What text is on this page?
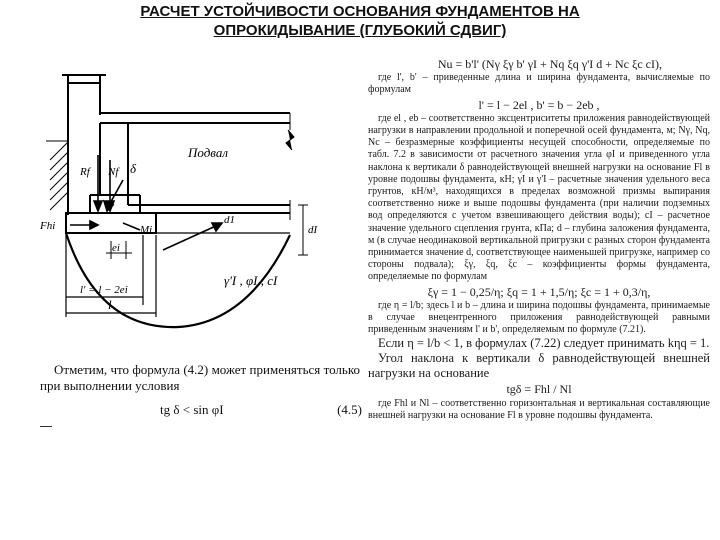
РАСЧЕТ УСТОЙЧИВОСТИ ОСНОВАНИЯ ФУНДАМЕНТОВ НА
ОПРОКИДЫВАНИЕ (ГЛУБОКИЙ СДВИГ)
Подвал
Rf Nf δ
Fhi	Mi
ei
dI
d1
γ'I , φI , cI
l' = l − 2ei
l

Отметим, что формула (4.2) может применяться только при выполнении условия

tg δ < sin φI	(4.5)
Nu = b'l' (Nγ ξγ b' γI + Nq ξq γ'I d + Nc ξc cI),

где l', b' – приведенные длина и ширина фундамента, вычисляемые по формулам

l' = l − 2el , b' = b − 2eb ,

где el , eb – соответственно эксцентриситеты приложения равнодействующей нагрузки в направлении продольной и поперечной осей фундамента, м; Nγ, Nq, Nc – безразмерные коэффициенты несущей способности, определяемые по табл. 7.2 в зависимости от расчетного значения угла φI и приведенного угла наклона к вертикали δ равнодействующей внешней нагрузки на основание Fl в уровне подошвы фундамента, кН; γI и γ'I – расчетные значения удельного веса грунтов, кН/м³, находящихся в пределах возможной призмы выпирания соответственно ниже и выше подошвы фундамента (при наличии подземных вод определяются с учетом взвешивающего действия воды); cI – расчетное значение удельного сцепления грунта, кПа; d – глубина заложения фундамента, м (в случае неодинаковой вертикальной пригрузки с разных сторон фундамента принимается значение d, соответствующее наименьшей пригрузке, например со стороны подвала); ξγ, ξq, ξc – коэффициенты формы фундамента, определяемые по формулам

ξγ = 1 − 0,25/η; ξq = 1 + 1,5/η; ξc = 1 + 0,3/η,

где η = l/b; здесь l и b – длина и ширина подошвы фундамента, принимаемые в случае внецентренного приложения равнодействующей равными приведенным значениям l' и b', определяемым по формуле (7.21).

Если η = l/b < 1, в формулах (7.22) следует принимать kηq = 1.

Угол наклона к вертикали δ равнодействующей внешней нагрузки на основание

tgδ = Fhl / Nl

где Fhl и Nl – соответственно горизонтальная и вертикальная составляющие внешней нагрузки на основание Fl в уровне подошвы фундамента.
